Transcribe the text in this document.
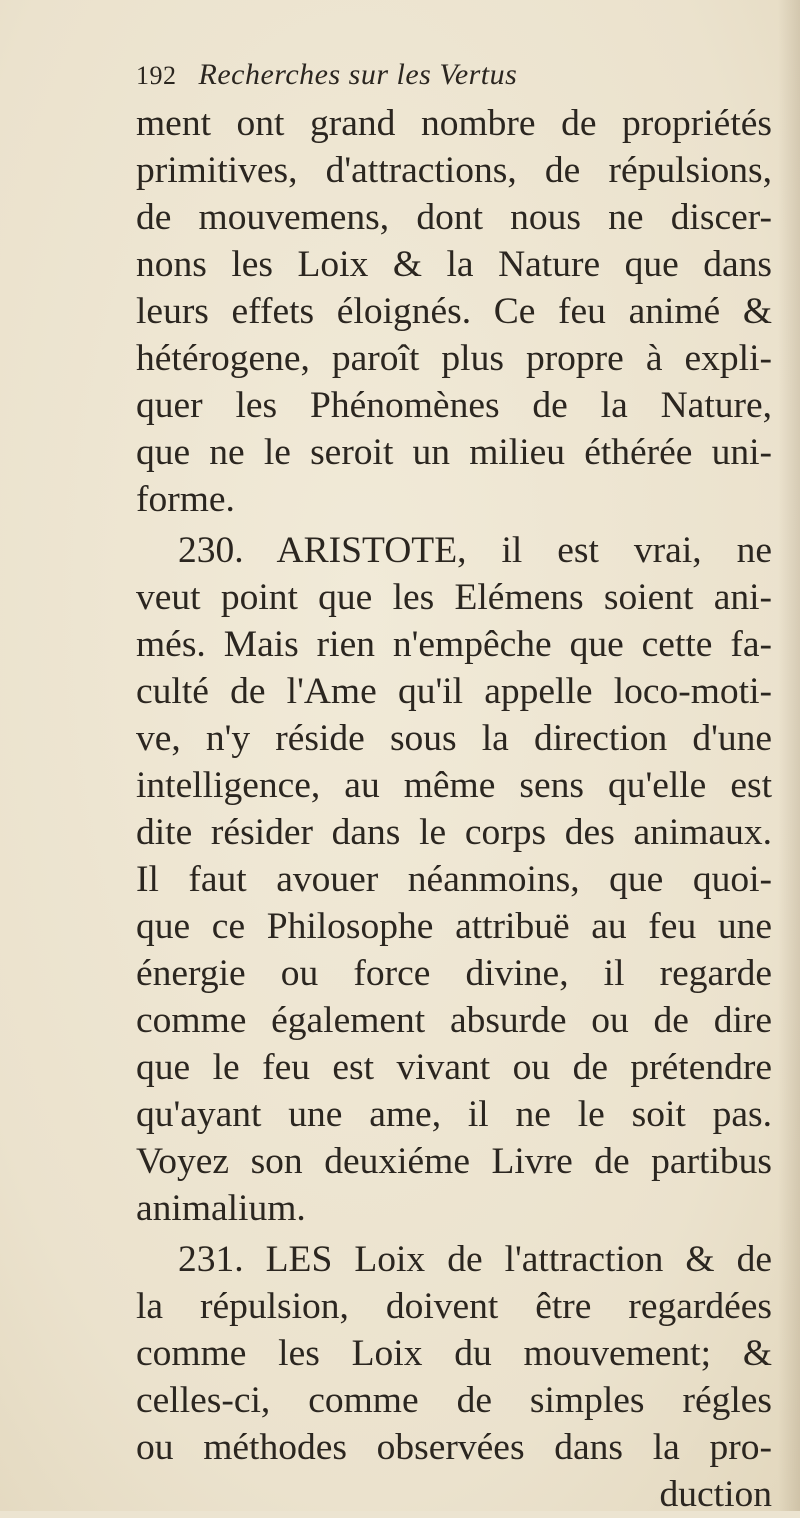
192 Recherches sur les Vertus
ment ont grand nombre de propriétés
primitives, d'attractions, de répulsions,
de mouvemens, dont nous ne discer-
nons les Loix & la Nature que dans
leurs effets éloignés. Ce feu animé &
hétérogene, paroît plus propre à expli-
quer les Phénomènes de la Nature,
que ne le seroit un milieu éthérée uni-
forme.
230. ARISTOTE, il est vrai, ne
veut point que les Elémens soient ani-
més. Mais rien n'empêche que cette fa-
culté de l'Ame qu'il appelle loco-moti-
ve, n'y réside sous la direction d'une
intelligence, au même sens qu'elle est
dite résider dans le corps des animaux.
Il faut avouer néanmoins, que quoi-
que ce Philosophe attribuë au feu une
énergie ou force divine, il regarde
comme également absurde ou de dire
que le feu est vivant ou de prétendre
qu'ayant une ame, il ne le soit pas.
Voyez son deuxiéme Livre de partibus
animalium.
231. LES Loix de l'attraction & de
la répulsion, doivent être regardées
comme les Loix du mouvement; &
celles-ci, comme de simples régles
ou méthodes observées dans la pro-
duction
